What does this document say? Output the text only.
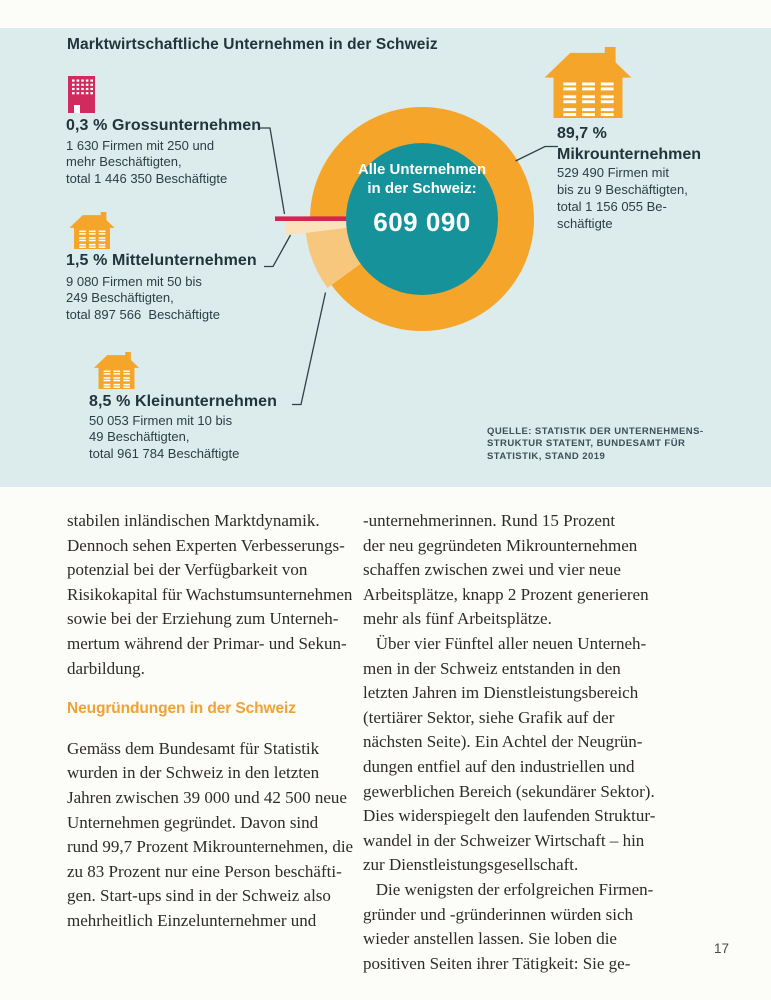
Marktwirtschaftliche Unternehmen in der Schweiz
Alle Unternehmen
in der Schweiz:
609 090
0,3 % Grossunternehmen
1 630 Firmen mit 250 und
mehr Beschäftigten,
total 1 446 350 Beschäftigte
1,5 % Mittelunternehmen
9 080 Firmen mit 50 bis
249 Beschäftigten,
total 897 566  Beschäftigte
8,5 % Kleinunternehmen
50 053 Firmen mit 10 bis
49 Beschäftigten,
total 961 784 Beschäftigte
89,7 %
Mikrounternehmen
529 490 Firmen mit
bis zu 9 Beschäftigten,
total 1 156 055 Be-
schäftigte
QUELLE: STATISTIK DER UNTERNEHMENS-
STRUKTUR STATENT, BUNDESAMT FÜR
STATISTIK, STAND 2019
stabilen inländischen Marktdynamik.
Dennoch sehen Experten Verbesserungs-
potenzial bei der Verfügbarkeit von
Risikokapital für Wachstumsunternehmen
sowie bei der Erziehung zum Unterneh-
mertum während der Primar- und Sekun-
darbildung.
Neugründungen in der Schweiz
Gemäss dem Bundesamt für Statistik
wurden in der Schweiz in den letzten
Jahren zwischen 39 000 und 42 500 neue
Unternehmen gegründet. Davon sind
rund 99,7 Prozent Mikrounternehmen, die
zu 83 Prozent nur eine Person beschäfti-
gen. Start-ups sind in der Schweiz also
mehrheitlich Einzelunternehmer und
-unternehmerinnen. Rund 15 Prozent
der neu gegründeten Mikrounternehmen
schaffen zwischen zwei und vier neue
Arbeitsplätze, knapp 2 Prozent generieren
mehr als fünf Arbeitsplätze.
Über vier Fünftel aller neuen Unterneh-
men in der Schweiz entstanden in den
letzten Jahren im Dienstleistungsbereich
(tertiärer Sektor, siehe Grafik auf der
nächsten Seite). Ein Achtel der Neugrün-
dungen entfiel auf den industriellen und
gewerblichen Bereich (sekundärer Sektor).
Dies widerspiegelt den laufenden Struktur-
wandel in der Schweizer Wirtschaft – hin
zur Dienstleistungsgesellschaft.
Die wenigsten der erfolgreichen Firmen-
gründer und -gründerinnen würden sich
wieder anstellen lassen. Sie loben die
positiven Seiten ihrer Tätigkeit: Sie ge-
17
